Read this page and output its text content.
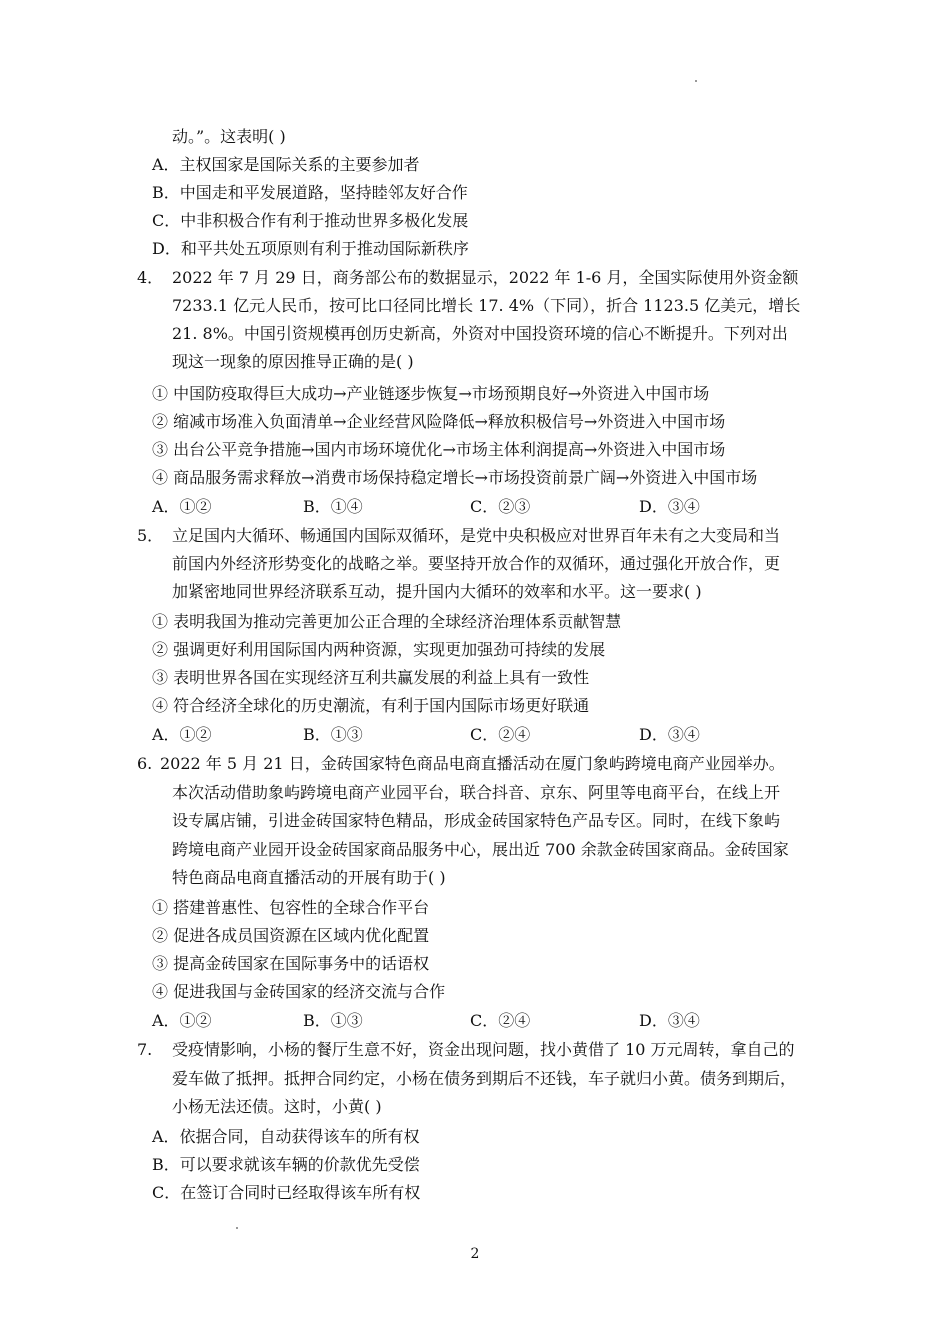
动。”。这表明( )
A．主权国家是国际关系的主要参加者
B．中国走和平发展道路，坚持睦邻友好合作
C．中非积极合作有利于推动世界多极化发展
D．和平共处五项原则有利于推动国际新秩序
4． 2022 年 7 月 29 日，商务部公布的数据显示，2022 年 1-6 月，全国实际使用外资金额
7233.1 亿元人民币，按可比口径同比增长 17. 4%（下同），折合 1123.5 亿美元，增长
21. 8%。中国引资规模再创历史新高，外资对中国投资环境的信心不断提升。下列对出
现这一现象的原因推导正确的是( )
① 中国防疫取得巨大成功→产业链逐步恢复→市场预期良好→外资进入中国市场
② 缩减市场准入负面清单→企业经营风险降低→释放积极信号→外资进入中国市场
③ 出台公平竞争措施→国内市场环境优化→市场主体利润提高→外资进入中国市场
④ 商品服务需求释放→消费市场保持稳定增长→市场投资前景广阔→外资进入中国市场
A．①②	B．①④	C．②③	D．③④
5． 立足国内大循环、畅通国内国际双循环，是党中央积极应对世界百年未有之大变局和当
前国内外经济形势变化的战略之举。要坚持开放合作的双循环，通过强化开放合作，更
加紧密地同世界经济联系互动，提升国内大循环的效率和水平。这一要求( )
① 表明我国为推动完善更加公正合理的全球经济治理体系贡献智慧
② 强调更好利用国际国内两种资源，实现更加强劲可持续的发展
③ 表明世界各国在实现经济互利共赢发展的利益上具有一致性
④ 符合经济全球化的历史潮流，有利于国内国际市场更好联通
A．①②	B．①③	C．②④	D．③④
6. 2022 年 5 月 21 日，金砖国家特色商品电商直播活动在厦门象屿跨境电商产业园举办。
本次活动借助象屿跨境电商产业园平台，联合抖音、京东、阿里等电商平台，在线上开
设专属店铺，引进金砖国家特色精品，形成金砖国家特色产品专区。同时，在线下象屿
跨境电商产业园开设金砖国家商品服务中心，展出近 700 余款金砖国家商品。金砖国家
特色商品电商直播活动的开展有助于( )
① 搭建普惠性、包容性的全球合作平台
② 促进各成员国资源在区域内优化配置
③ 提高金砖国家在国际事务中的话语权
④ 促进我国与金砖国家的经济交流与合作
A．①②	B．①③	C．②④	D．③④
7. 受疫情影响，小杨的餐厅生意不好，资金出现问题，找小黄借了 10 万元周转，拿自己的
爱车做了抵押。抵押合同约定，小杨在债务到期后不还钱，车子就归小黄。债务到期后，
小杨无法还债。这时，小黄( )
A．依据合同，自动获得该车的所有权
B．可以要求就该车辆的价款优先受偿
C．在签订合同时已经取得该车所有权
2
